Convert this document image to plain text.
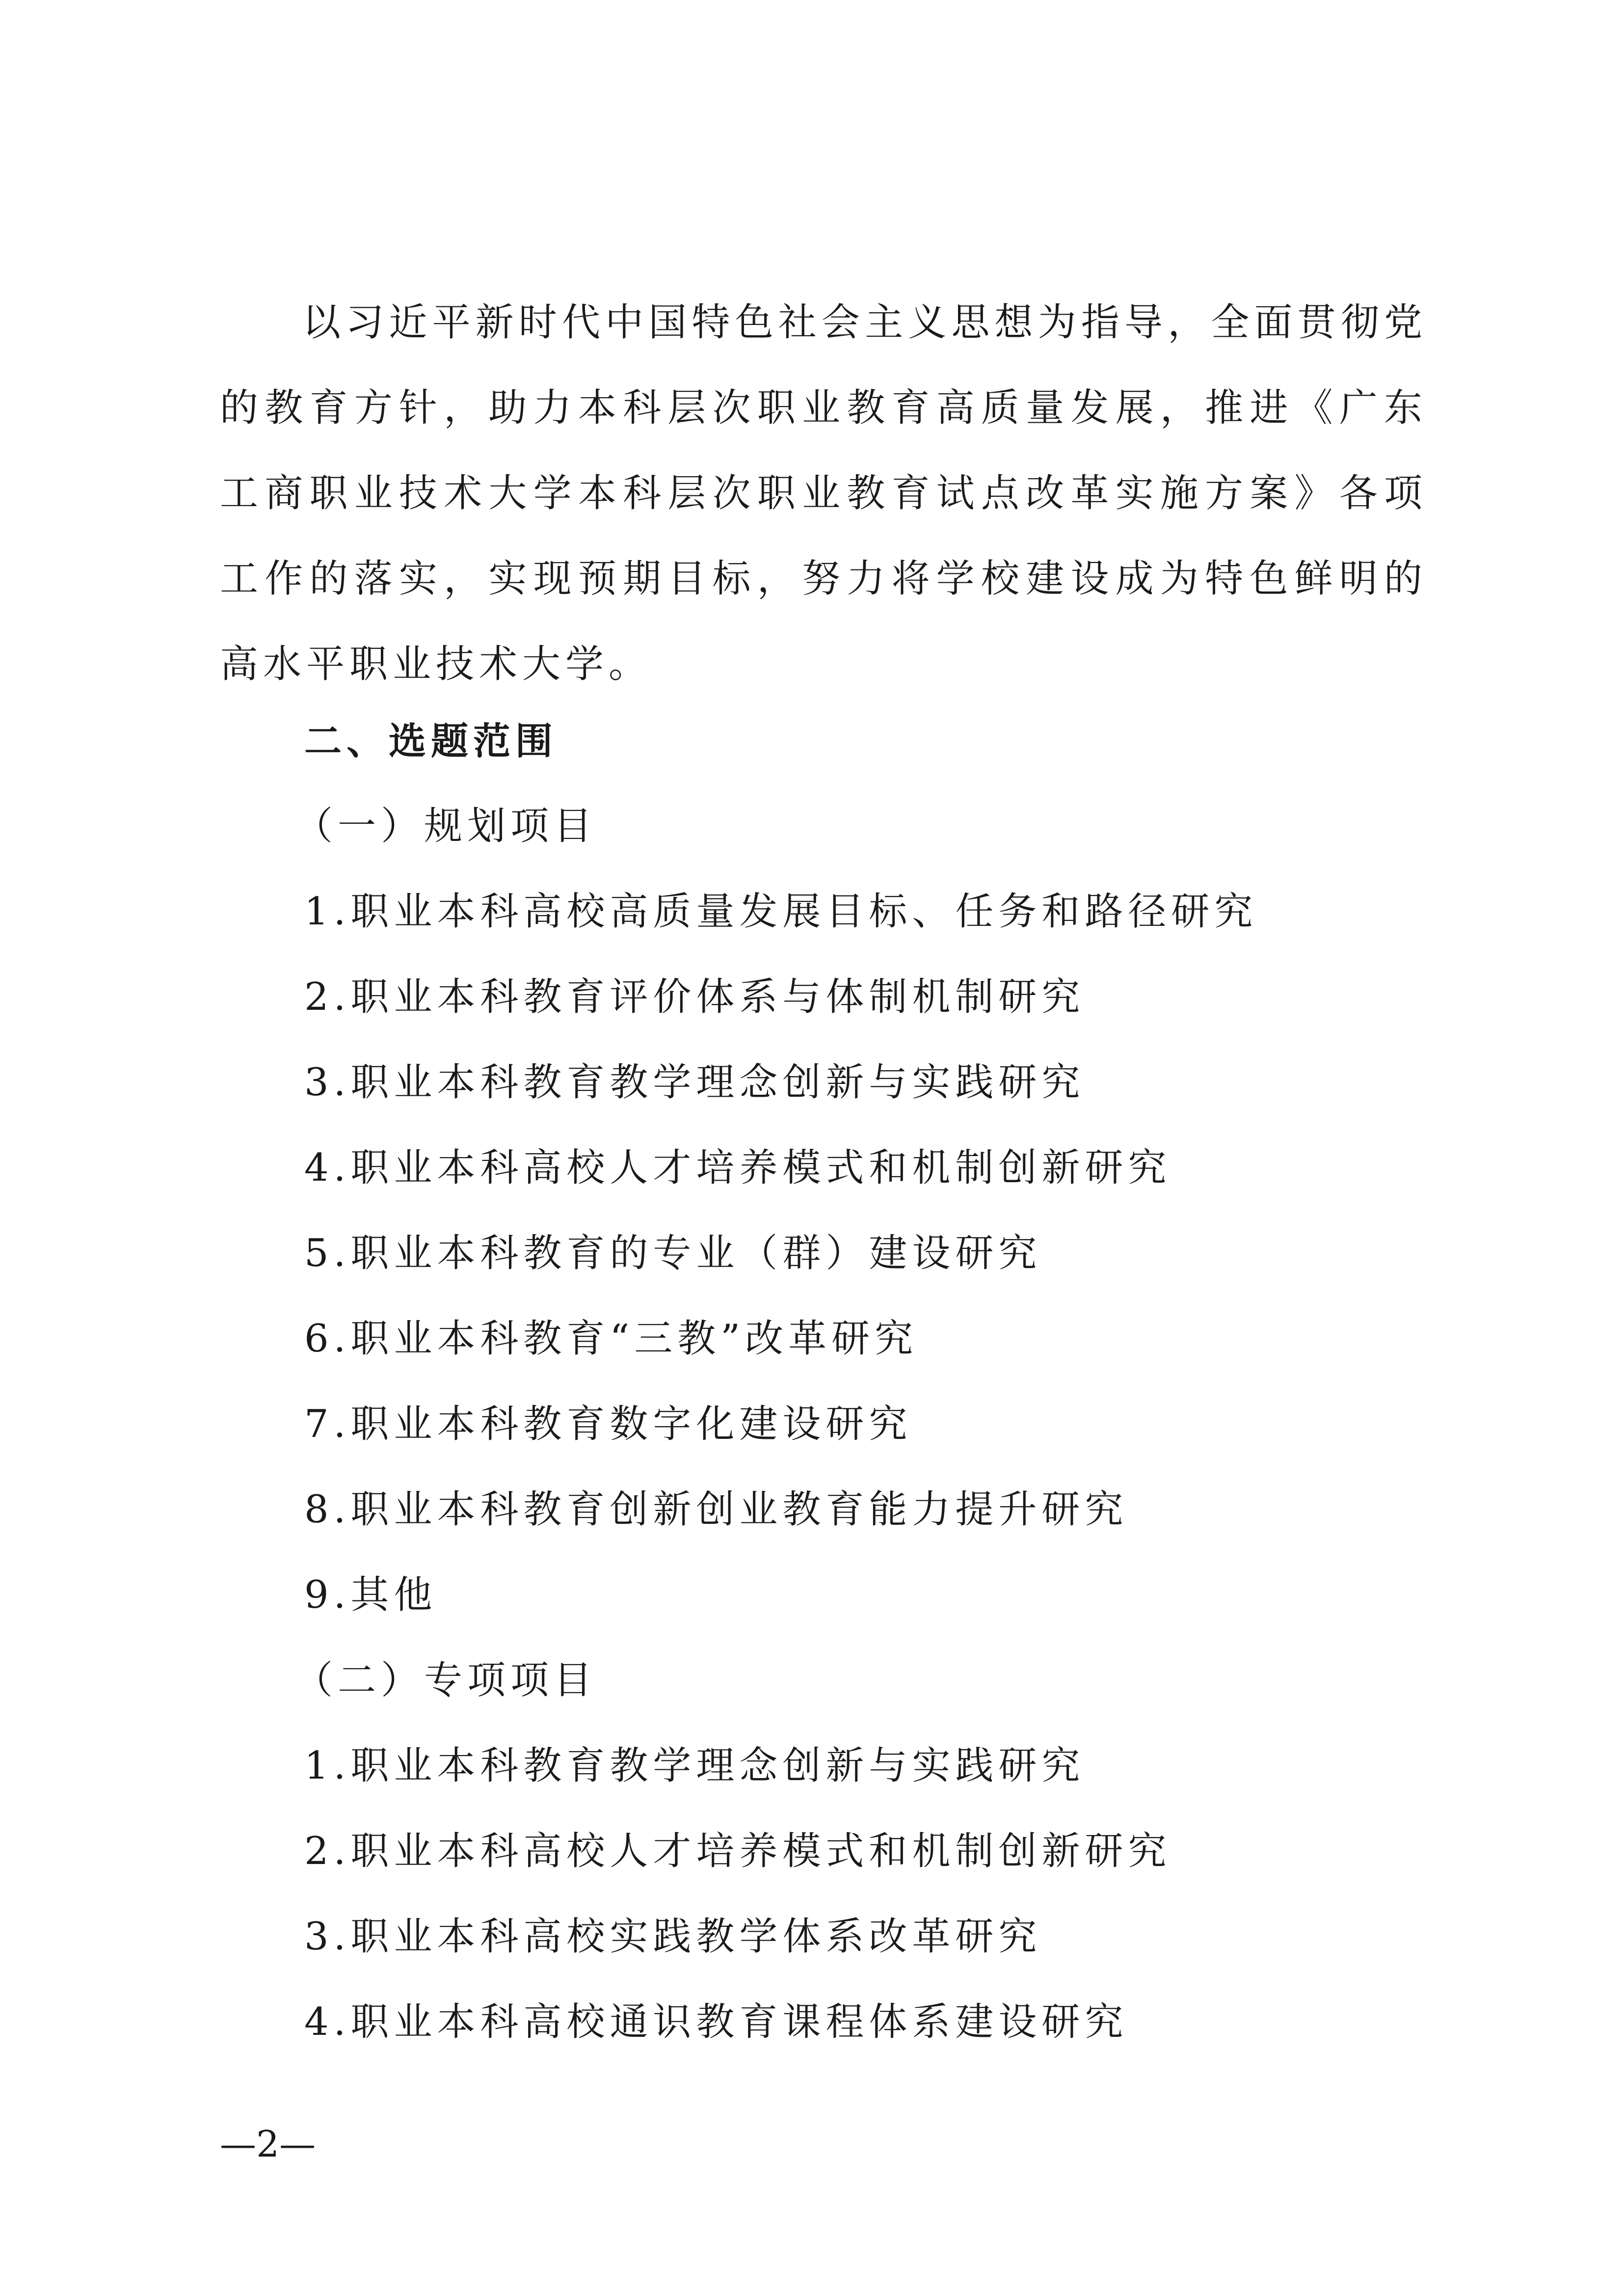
以习近平新时代中国特色社会主义思想为指导，全面贯彻党的教育方针，助力本科层次职业教育高质量发展，推进《广东工商职业技术大学本科层次职业教育试点改革实施方案》各项工作的落实，实现预期目标，努力将学校建设成为特色鲜明的高水平职业技术大学。

二、选题范围
（一）规划项目
1.职业本科高校高质量发展目标、任务和路径研究
2.职业本科教育评价体系与体制机制研究
3.职业本科教育教学理念创新与实践研究
4.职业本科高校人才培养模式和机制创新研究
5.职业本科教育的专业（群）建设研究
6.职业本科教育“三教”改革研究
7.职业本科教育数字化建设研究
8.职业本科教育创新创业教育能力提升研究
9.其他
（二）专项项目
1.职业本科教育教学理念创新与实践研究
2.职业本科高校人才培养模式和机制创新研究
3.职业本科高校实践教学体系改革研究
4.职业本科高校通识教育课程体系建设研究
—2—
